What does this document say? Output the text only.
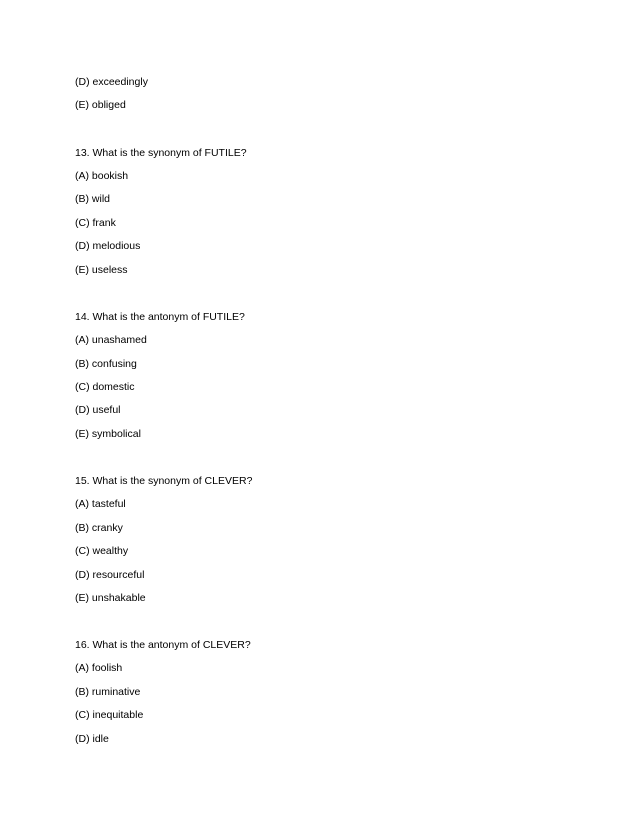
(D) exceedingly
(E) obliged
13. What is the synonym of FUTILE?
(A) bookish
(B) wild
(C) frank
(D) melodious
(E) useless
14. What is the antonym of FUTILE?
(A) unashamed
(B) confusing
(C) domestic
(D) useful
(E) symbolical
15. What is the synonym of CLEVER?
(A) tasteful
(B) cranky
(C) wealthy
(D) resourceful
(E) unshakable
16. What is the antonym of CLEVER?
(A) foolish
(B) ruminative
(C) inequitable
(D) idle
